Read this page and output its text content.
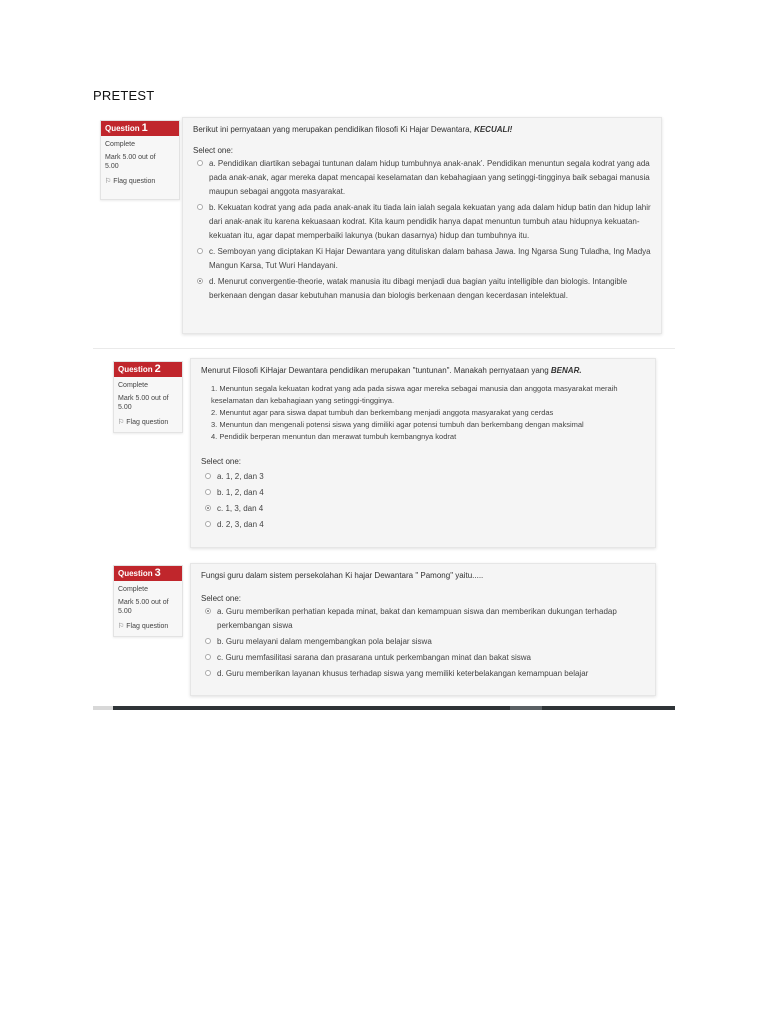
PRETEST
Question 1
Complete
Mark 5.00 out of 5.00
⚐ Flag question
Berikut ini pernyataan yang merupakan pendidikan filosofi Ki Hajar Dewantara, KECUALI!
Select one:
a. Pendidikan diartikan sebagai tuntunan dalam hidup tumbuhnya anak-anak’. Pendidikan menuntun segala kodrat yang ada pada anak-anak, agar mereka dapat mencapai keselamatan dan kebahagiaan yang setinggi-tingginya baik sebagai manusia maupun sebagai anggota masyarakat.
b. Kekuatan kodrat yang ada pada anak-anak itu tiada lain ialah segala kekuatan yang ada dalam hidup batin dan hidup lahir dari anak-anak itu karena kekuasaan kodrat. Kita kaum pendidik hanya dapat menuntun tumbuh atau hidupnya kekuatan-kekuatan itu, agar dapat memperbaiki lakunya (bukan dasarnya) hidup dan tumbuhnya itu.
c. Semboyan yang diciptakan Ki Hajar Dewantara yang dituliskan dalam bahasa Jawa. Ing Ngarsa Sung Tuladha, Ing Madya Mangun Karsa, Tut Wuri Handayani.
d. Menurut convergentie-theorie, watak manusia itu dibagi menjadi dua bagian yaitu intelligible dan biologis. Intangible berkenaan dengan dasar kebutuhan manusia dan biologis berkenaan dengan kecerdasan intelektual.
Question 2
Complete
Mark 5.00 out of 5.00
⚐ Flag question
Menurut Filosofi KiHajar Dewantara pendidikan merupakan "tuntunan". Manakah pernyataan yang BENAR.
1. Menuntun segala kekuatan kodrat yang ada pada siswa agar mereka sebagai manusia dan anggota masyarakat meraih keselamatan dan kebahagiaan yang setinggi-tingginya.
2. Menuntut agar para siswa dapat tumbuh dan berkembang menjadi anggota masyarakat yang cerdas
3. Menuntun dan mengenali potensi siswa yang dimiliki agar potensi tumbuh dan berkembang dengan maksimal
4. Pendidik berperan menuntun dan merawat tumbuh kembangnya kodrat
Select one:
a. 1, 2, dan 3
b. 1, 2, dan 4
c. 1, 3, dan 4
d. 2, 3, dan 4
Question 3
Complete
Mark 5.00 out of 5.00
⚐ Flag question
Fungsi guru dalam sistem persekolahan Ki hajar Dewantara " Pamong" yaitu.....
Select one:
a. Guru memberikan perhatian kepada minat, bakat dan kemampuan siswa dan memberikan dukungan terhadap perkembangan siswa
b. Guru melayani dalam mengembangkan pola belajar siswa
c. Guru memfasilitasi sarana dan prasarana untuk perkembangan minat dan bakat siswa
d. Guru memberikan layanan khusus terhadap siswa yang memiliki keterbelakangan kemampuan belajar
